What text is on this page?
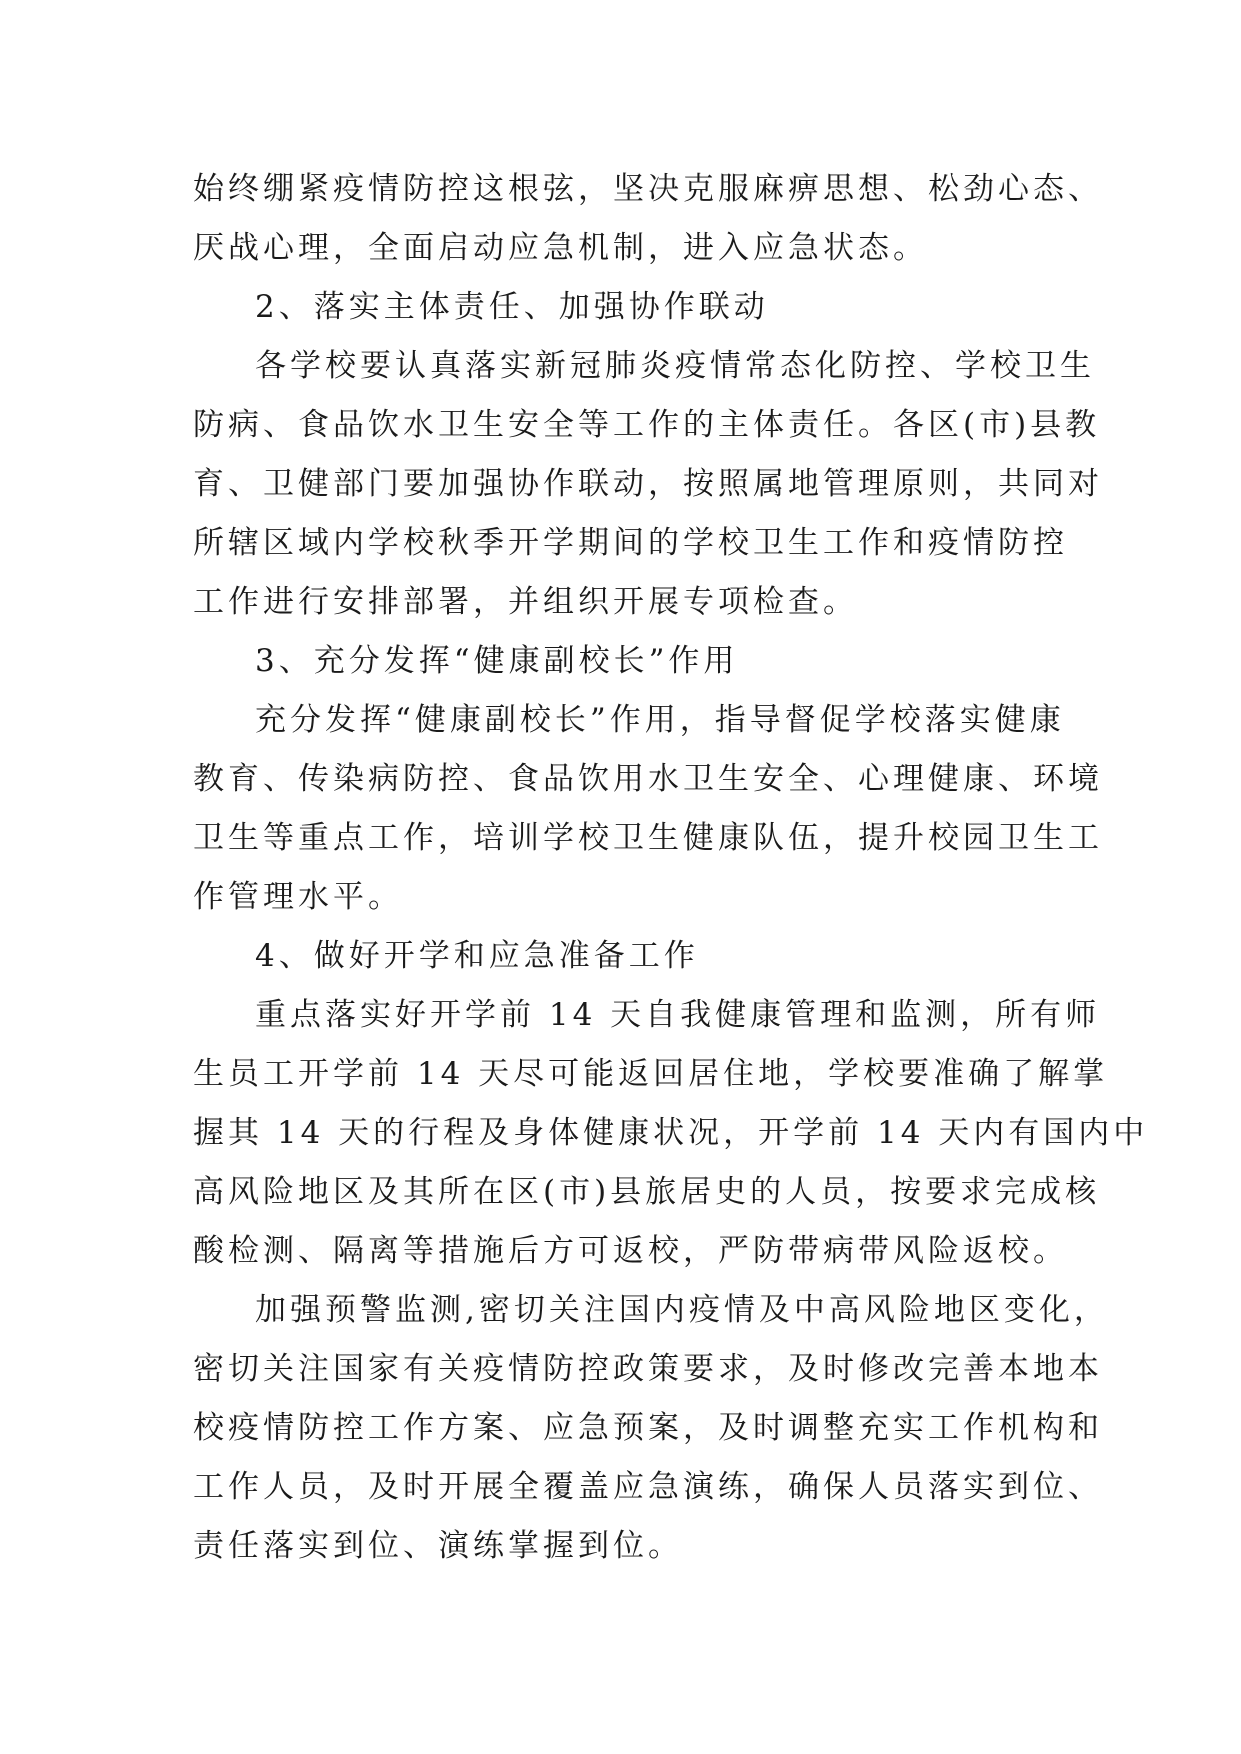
始终绷紧疫情防控这根弦，坚决克服麻痹思想、松劲心态、
厌战心理，全面启动应急机制，进入应急状态。
2、落实主体责任、加强协作联动
各学校要认真落实新冠肺炎疫情常态化防控、学校卫生
防病、食品饮水卫生安全等工作的主体责任。各区(市)县教
育、卫健部门要加强协作联动，按照属地管理原则，共同对
所辖区域内学校秋季开学期间的学校卫生工作和疫情防控
工作进行安排部署，并组织开展专项检查。
3、充分发挥“健康副校长”作用
充分发挥“健康副校长”作用，指导督促学校落实健康
教育、传染病防控、食品饮用水卫生安全、心理健康、环境
卫生等重点工作，培训学校卫生健康队伍，提升校园卫生工
作管理水平。
4、做好开学和应急准备工作
重点落实好开学前 14 天自我健康管理和监测，所有师
生员工开学前 14 天尽可能返回居住地，学校要准确了解掌
握其 14 天的行程及身体健康状况，开学前 14 天内有国内中
高风险地区及其所在区(市)县旅居史的人员，按要求完成核
酸检测、隔离等措施后方可返校，严防带病带风险返校。
加强预警监测,密切关注国内疫情及中高风险地区变化，
密切关注国家有关疫情防控政策要求，及时修改完善本地本
校疫情防控工作方案、应急预案，及时调整充实工作机构和
工作人员，及时开展全覆盖应急演练，确保人员落实到位、
责任落实到位、演练掌握到位。
